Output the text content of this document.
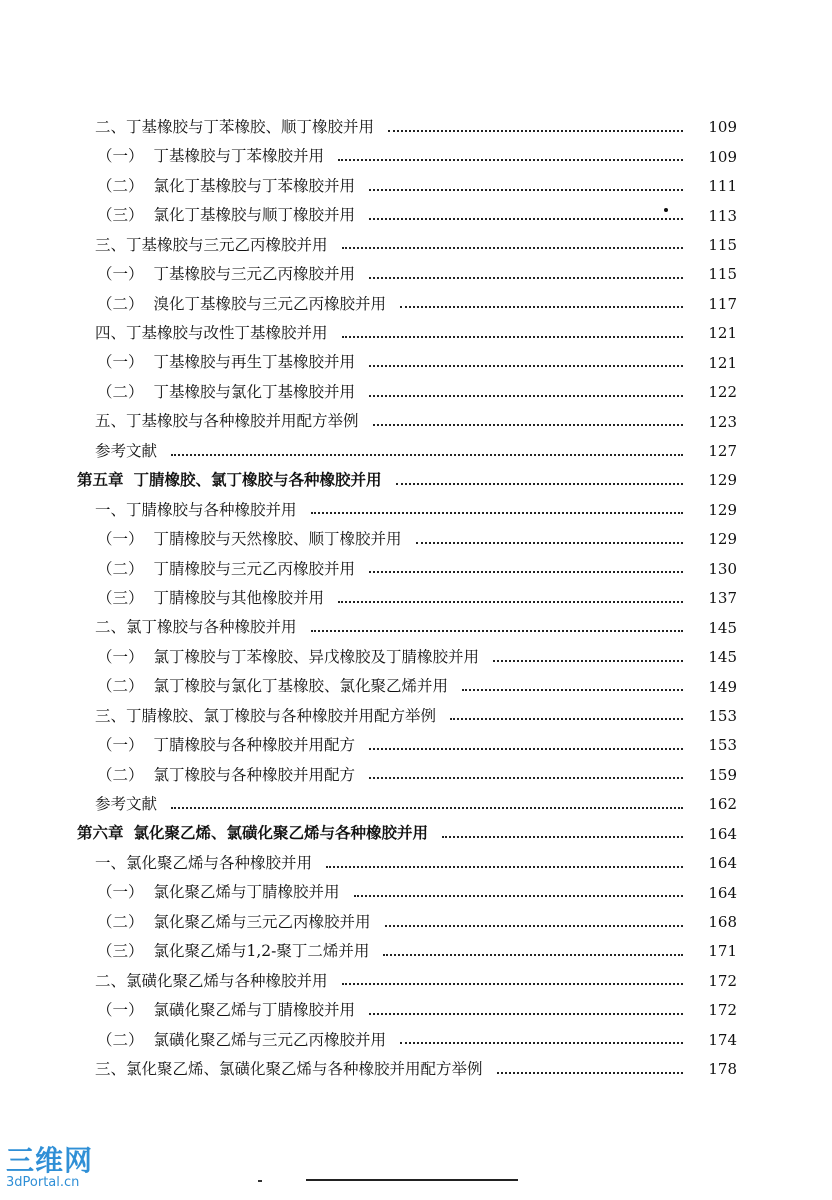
二、 丁基橡胶与丁苯橡胶、顺丁橡胶并用	109
（一） 丁基橡胶与丁苯橡胶并用	109
（二） 氯化丁基橡胶与丁苯橡胶并用	111
（三） 氯化丁基橡胶与顺丁橡胶并用	113
三、 丁基橡胶与三元乙丙橡胶并用	115
（一） 丁基橡胶与三元乙丙橡胶并用	115
（二） 溴化丁基橡胶与三元乙丙橡胶并用	117
四、 丁基橡胶与改性丁基橡胶并用	121
（一） 丁基橡胶与再生丁基橡胶并用	121
（二） 丁基橡胶与氯化丁基橡胶并用	122
五、 丁基橡胶与各种橡胶并用配方举例	123
参考文献	127
第五章 丁腈橡胶、氯丁橡胶与各种橡胶并用	129
一、 丁腈橡胶与各种橡胶并用	129
（一） 丁腈橡胶与天然橡胶、顺丁橡胶并用	129
（二） 丁腈橡胶与三元乙丙橡胶并用	130
（三） 丁腈橡胶与其他橡胶并用	137
二、 氯丁橡胶与各种橡胶并用	145
（一） 氯丁橡胶与丁苯橡胶、异戊橡胶及丁腈橡胶并用	145
（二） 氯丁橡胶与氯化丁基橡胶、氯化聚乙烯并用	149
三、 丁腈橡胶、氯丁橡胶与各种橡胶并用配方举例	153
（一） 丁腈橡胶与各种橡胶并用配方	153
（二） 氯丁橡胶与各种橡胶并用配方	159
参考文献	162
第六章 氯化聚乙烯、氯磺化聚乙烯与各种橡胶并用	164
一、 氯化聚乙烯与各种橡胶并用	164
（一） 氯化聚乙烯与丁腈橡胶并用	164
（二） 氯化聚乙烯与三元乙丙橡胶并用	168
（三） 氯化聚乙烯与1,2-聚丁二烯并用	171
二、 氯磺化聚乙烯与各种橡胶并用	172
（一） 氯磺化聚乙烯与丁腈橡胶并用	172
（二） 氯磺化聚乙烯与三元乙丙橡胶并用	174
三、 氯化聚乙烯、氯磺化聚乙烯与各种橡胶并用配方举例	178
三维网
3dPortal.cn
